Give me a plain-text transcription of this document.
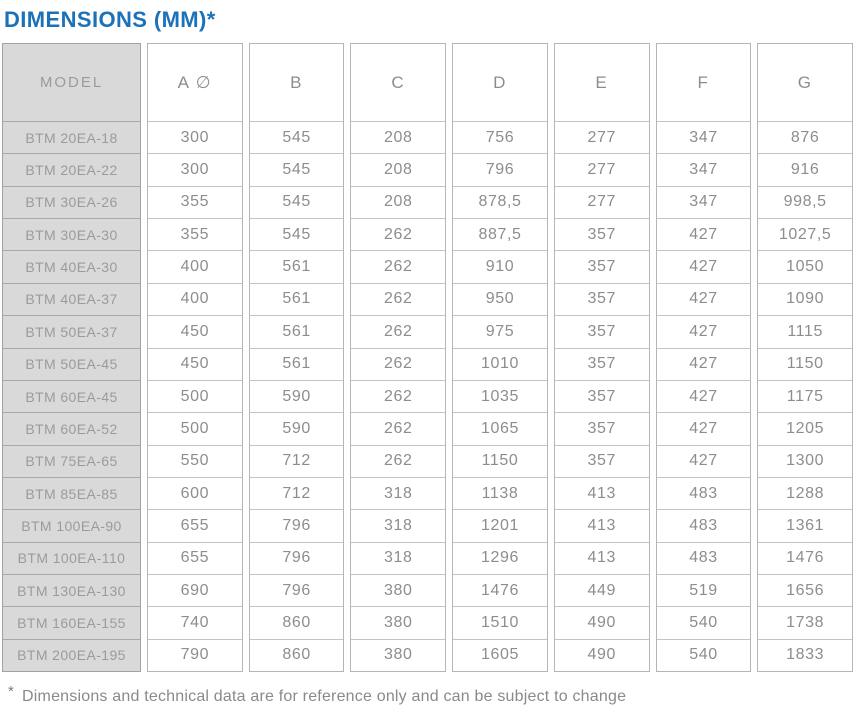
DIMENSIONS (MM)*
MODEL
BTM 20EA-18
BTM 20EA-22
BTM 30EA-26
BTM 30EA-30
BTM 40EA-30
BTM 40EA-37
BTM 50EA-37
BTM 50EA-45
BTM 60EA-45
BTM 60EA-52
BTM 75EA-65
BTM 85EA-85
BTM 100EA-90
BTM 100EA-110
BTM 130EA-130
BTM 160EA-155
BTM 200EA-195
A ∅
300
300
355
355
400
400
450
450
500
500
550
600
655
655
690
740
790
B
545
545
545
545
561
561
561
561
590
590
712
712
796
796
796
860
860
C
208
208
208
262
262
262
262
262
262
262
262
318
318
318
380
380
380
D
756
796
878,5
887,5
910
950
975
1010
1035
1065
1150
1138
1201
1296
1476
1510
1605
E
277
277
277
357
357
357
357
357
357
357
357
413
413
413
449
490
490
F
347
347
347
427
427
427
427
427
427
427
427
483
483
483
519
540
540
G
876
916
998,5
1027,5
1050
1090
1115
1150
1175
1205
1300
1288
1361
1476
1656
1738
1833

* Dimensions and technical data are for reference only and can be subject to change
